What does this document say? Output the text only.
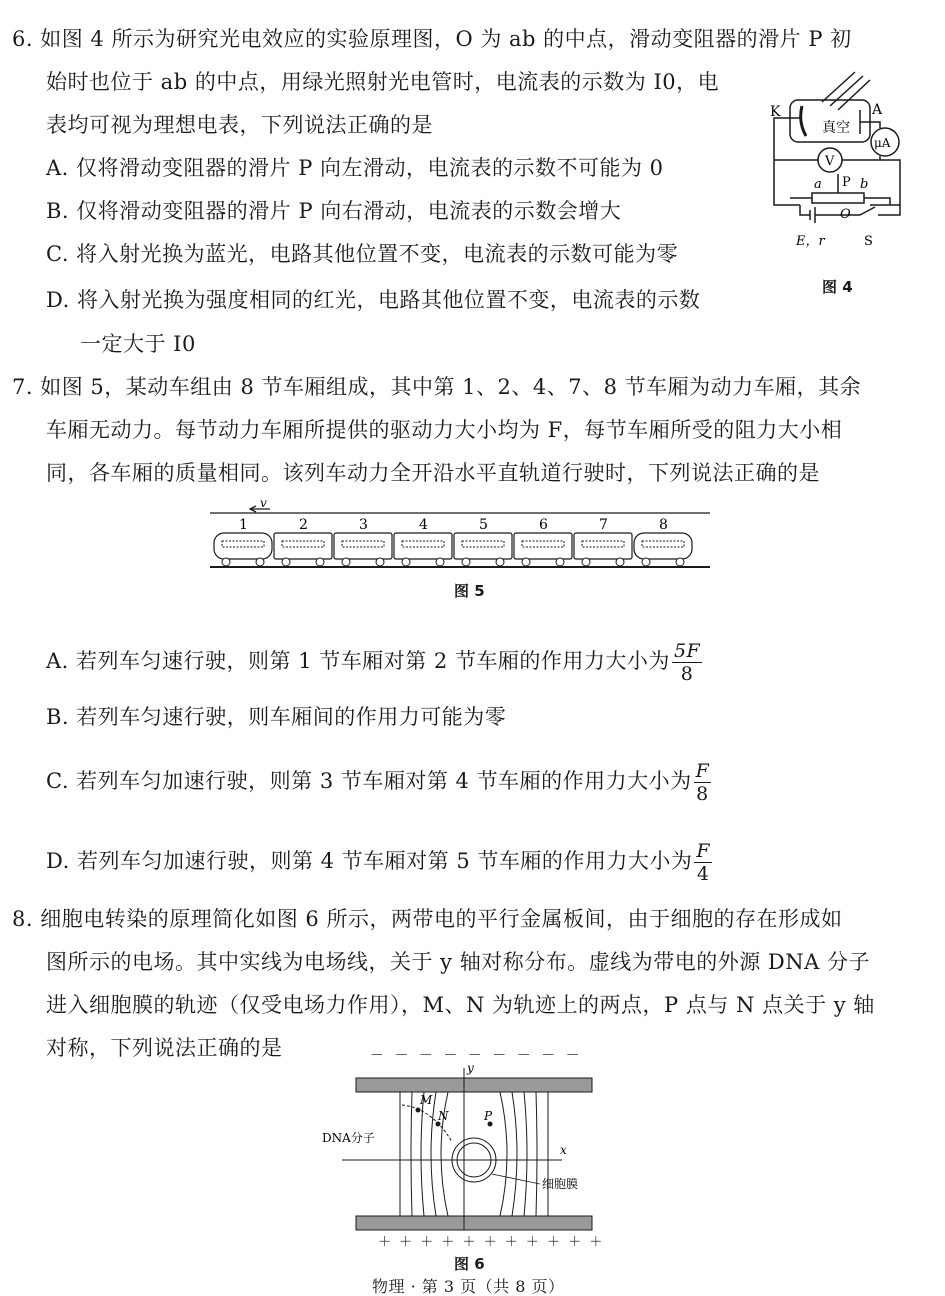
6. 如图 4 所示为研究光电效应的实验原理图，O 为 ab 的中点，滑动变阻器的滑片 P 初
始时也位于 ab 的中点，用绿光照射光电管时，电流表的示数为 I0，电
表均可视为理想电表，下列说法正确的是
A. 仅将滑动变阻器的滑片 P 向左滑动，电流表的示数不可能为 0
B. 仅将滑动变阻器的滑片 P 向右滑动，电流表的示数会增大
C. 将入射光换为蓝光，电路其他位置不变，电流表的示数可能为零
D. 将入射光换为强度相同的红光，电路其他位置不变，电流表的示数
一定大于 I0
K	A
真空
μA
V
a P b
O
E，r	S
图 4
7. 如图 5，某动车组由 8 节车厢组成，其中第 1、2、4、7、8 节车厢为动力车厢，其余
车厢无动力。每节动力车厢所提供的驱动力大小均为 F，每节车厢所受的阻力大小相
同，各车厢的质量相同。该列车动力全开沿水平直轨道行驶时，下列说法正确的是
v
1	2	3	4	5	6	7	8
图 5
A. 若列车匀速行驶，则第 1 节车厢对第 2 节车厢的作用力大小为 $\frac{5F}{8}$
B. 若列车匀速行驶，则车厢间的作用力可能为零
C. 若列车匀加速行驶，则第 3 节车厢对第 4 节车厢的作用力大小为 $\frac{F}{8}$
D. 若列车匀加速行驶，则第 4 节车厢对第 5 节车厢的作用力大小为 $\frac{F}{4}$
8. 细胞电转染的原理简化如图 6 所示，两带电的平行金属板间，由于细胞的存在形成如
图所示的电场。其中实线为电场线，关于 y 轴对称分布。虚线为带电的外源 DNA 分子
进入细胞膜的轨迹（仅受电场力作用），M、N 为轨迹上的两点，P 点与 N 点关于 y 轴
对称，下列说法正确的是	－ － － － － － － － －
＋ ＋ ＋ ＋ ＋ ＋ ＋ ＋ ＋ ＋ ＋
y
x
M
N	P
DNA分子
细胞膜
图 6
物理 · 第 3 页（共 8 页）
